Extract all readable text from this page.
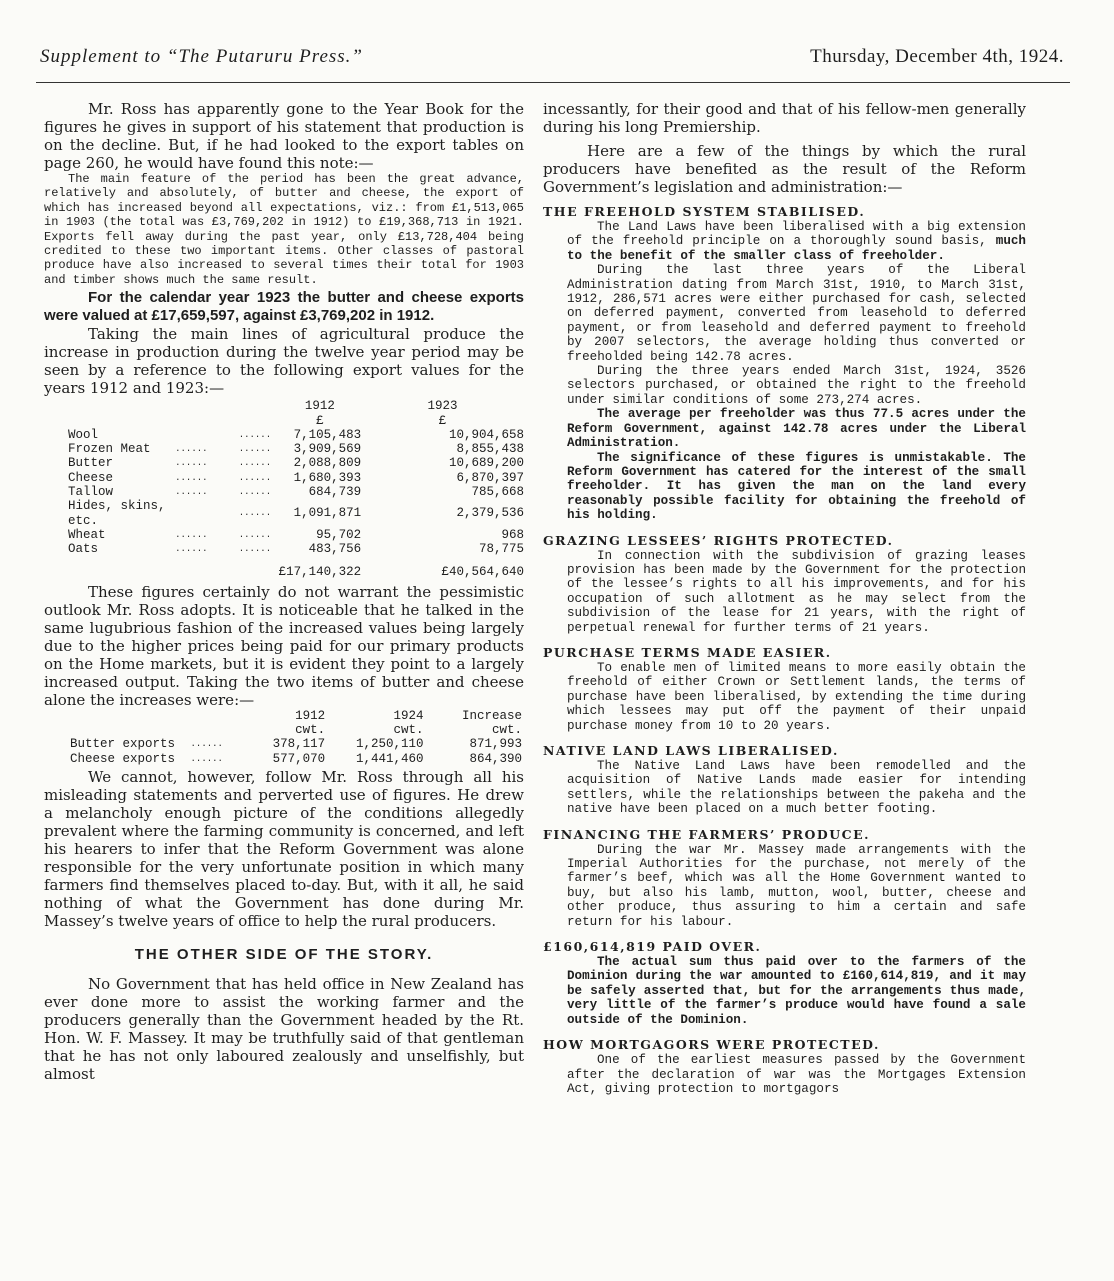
Supplement to “The Putaruru Press.”	Thursday, December 4th, 1924.

Mr. Ross has apparently gone to the Year Book for the figures he gives in support of his statement that production is on the decline. But, if he had looked to the export tables on page 260, he would have found this note:—

The main feature of the period has been the great advance, relatively and absolutely, of butter and cheese, the export of which has increased beyond all expectations, viz.: from £1,513,065 in 1903 (the total was £3,769,202 in 1912) to £19,368,713 in 1921. Exports fell away during the past year, only £13,728,404 being credited to these two important items. Other classes of pastoral produce have also increased to several times their total for 1903 and timber shows much the same result.

For the calendar year 1923 the butter and cheese exports were valued at £17,659,597, against £3,769,202 in 1912.

Taking the main lines of agricultural produce the increase in production during the twelve year period may be seen by a reference to the following export values for the years 1912 and 1923:—

			1912	1923
			£	£
Wool		......	7,105,483	10,904,658
Frozen Meat	......	......	3,909,569	8,855,438
Butter	......	......	2,088,809	10,689,200
Cheese	......	......	1,680,393	6,870,397
Tallow	......	......	684,739	785,668
Hides, skins, etc.		......	1,091,871	2,379,536
Wheat	......	......	95,702	968
Oats	......	......	483,756	78,775
			£17,140,322	£40,564,640

These figures certainly do not warrant the pessimistic outlook Mr. Ross adopts. It is noticeable that he talked in the same lugubrious fashion of the increased values being largely due to the higher prices being paid for our primary products on the Home markets, but it is evident they point to a largely increased output. Taking the two items of butter and cheese alone the increases were:—

		1912	1924	Increase
		cwt.	cwt.	cwt.
Butter exports	......	378,117	1,250,110	871,993
Cheese exports	......	577,070	1,441,460	864,390

We cannot, however, follow Mr. Ross through all his misleading statements and perverted use of figures. He drew a melancholy enough picture of the conditions allegedly prevalent where the farming community is concerned, and left his hearers to infer that the Reform Government was alone responsible for the very unfortunate position in which many farmers find themselves placed to-day. But, with it all, he said nothing of what the Government has done during Mr. Massey’s twelve years of office to help the rural producers.

THE OTHER SIDE OF THE STORY.

No Government that has held office in New Zealand has ever done more to assist the working farmer and the producers generally than the Government headed by the Rt. Hon. W. F. Massey. It may be truthfully said of that gentleman that he has not only laboured zealously and unselfishly, but almost

incessantly, for their good and that of his fellow-men generally during his long Premiership.

Here are a few of the things by which the rural producers have benefited as the result of the Reform Government’s legislation and administration:—

THE FREEHOLD SYSTEM STABILISED.

The Land Laws have been liberalised with a big extension of the freehold principle on a thoroughly sound basis, much to the benefit of the smaller class of freeholder.

During the last three years of the Liberal Administration dating from March 31st, 1910, to March 31st, 1912, 286,571 acres were either purchased for cash, selected on deferred payment, converted from leasehold to deferred payment, or from leasehold and deferred payment to freehold by 2007 selectors, the average holding thus converted or freeholded being 142.78 acres.

During the three years ended March 31st, 1924, 3526 selectors purchased, or obtained the right to the freehold under similar conditions of some 273,274 acres.

The average per freeholder was thus 77.5 acres under the Reform Government, against 142.78 acres under the Liberal Administration.

The significance of these figures is unmistakable. The Reform Government has catered for the interest of the small freeholder. It has given the man on the land every reasonably possible facility for obtaining the freehold of his holding.

GRAZING LESSEES’ RIGHTS PROTECTED.

In connection with the subdivision of grazing leases provision has been made by the Government for the protection of the lessee’s rights to all his improvements, and for his occupation of such allotment as he may select from the subdivision of the lease for 21 years, with the right of perpetual renewal for further terms of 21 years.

PURCHASE TERMS MADE EASIER.

To enable men of limited means to more easily obtain the freehold of either Crown or Settlement lands, the terms of purchase have been liberalised, by extending the time during which lessees may put off the payment of their unpaid purchase money from 10 to 20 years.

NATIVE LAND LAWS LIBERALISED.

The Native Land Laws have been remodelled and the acquisition of Native Lands made easier for intending settlers, while the relationships between the pakeha and the native have been placed on a much better footing.

FINANCING THE FARMERS’ PRODUCE.

During the war Mr. Massey made arrangements with the Imperial Authorities for the purchase, not merely of the farmer’s beef, which was all the Home Government wanted to buy, but also his lamb, mutton, wool, butter, cheese and other produce, thus assuring to him a certain and safe return for his labour.

£160,614,819 PAID OVER.

The actual sum thus paid over to the farmers of the Dominion during the war amounted to £160,614,819, and it may be safely asserted that, but for the arrangements thus made, very little of the farmer’s produce would have found a sale outside of the Dominion.

HOW MORTGAGORS WERE PROTECTED.

One of the earliest measures passed by the Government after the declaration of war was the Mortgages Extension Act, giving protection to mortgagors
